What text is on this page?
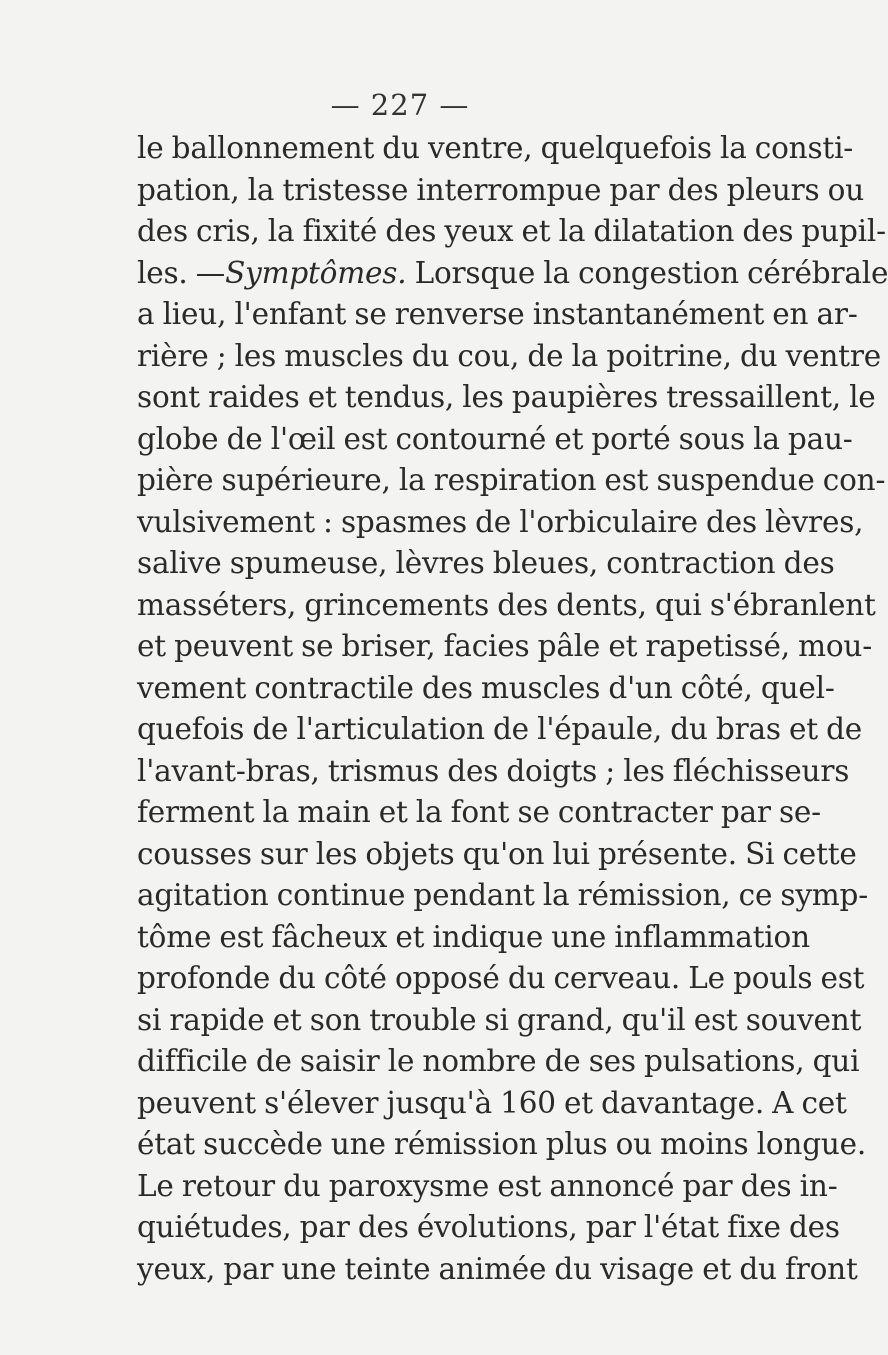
— 227 —
le ballonnement du ventre, quelquefois la consti-
pation, la tristesse interrompue par des pleurs ou
des cris, la fixité des yeux et la dilatation des pupil-
les. —Symptômes. Lorsque la congestion cérébrale
a lieu, l'enfant se renverse instantanément en ar-
rière ; les muscles du cou, de la poitrine, du ventre
sont raides et tendus, les paupières tressaillent, le
globe de l'œil est contourné et porté sous la pau-
pière supérieure, la respiration est suspendue con-
vulsivement : spasmes de l'orbiculaire des lèvres,
salive spumeuse, lèvres bleues, contraction des
masséters, grincements des dents, qui s'ébranlent
et peuvent se briser, facies pâle et rapetissé, mou-
vement contractile des muscles d'un côté, quel-
quefois de l'articulation de l'épaule, du bras et de
l'avant-bras, trismus des doigts ; les fléchisseurs
ferment la main et la font se contracter par se-
cousses sur les objets qu'on lui présente. Si cette
agitation continue pendant la rémission, ce symp-
tôme est fâcheux et indique une inflammation
profonde du côté opposé du cerveau. Le pouls est
si rapide et son trouble si grand, qu'il est souvent
difficile de saisir le nombre de ses pulsations, qui
peuvent s'élever jusqu'à 160 et davantage. A cet
état succède une rémission plus ou moins longue.
Le retour du paroxysme est annoncé par des in-
quiétudes, par des évolutions, par l'état fixe des
yeux, par une teinte animée du visage et du front
